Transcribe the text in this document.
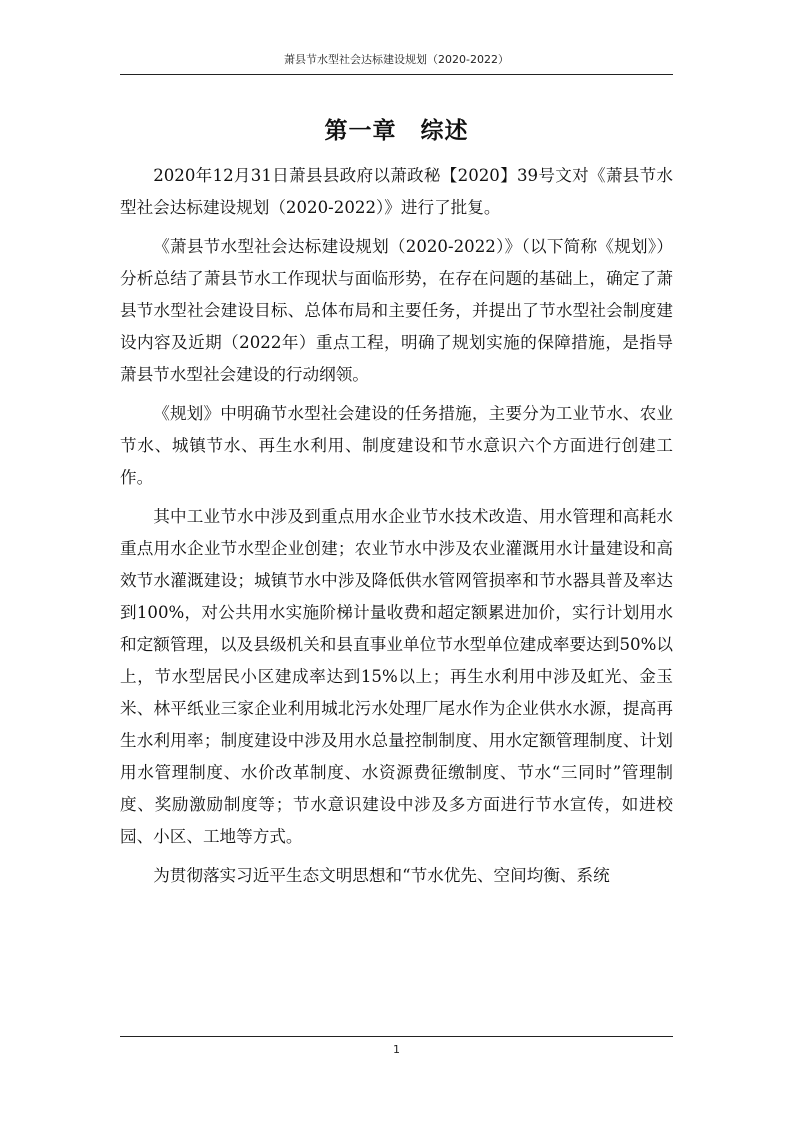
萧县节水型社会达标建设规划（2020-2022）
第一章　综述

2020年12月31日萧县县政府以萧政秘【2020】39号文对《萧县节水型社会达标建设规划（2020-2022）》进行了批复。

《萧县节水型社会达标建设规划（2020-2022）》（以下简称《规划》）分析总结了萧县节水工作现状与面临形势，在存在问题的基础上，确定了萧县节水型社会建设目标、总体布局和主要任务，并提出了节水型社会制度建设内容及近期（2022年）重点工程，明确了规划实施的保障措施，是指导萧县节水型社会建设的行动纲领。

《规划》中明确节水型社会建设的任务措施，主要分为工业节水、农业节水、城镇节水、再生水利用、制度建设和节水意识六个方面进行创建工作。

其中工业节水中涉及到重点用水企业节水技术改造、用水管理和高耗水重点用水企业节水型企业创建；农业节水中涉及农业灌溉用水计量建设和高效节水灌溉建设；城镇节水中涉及降低供水管网管损率和节水器具普及率达到100%，对公共用水实施阶梯计量收费和超定额累进加价，实行计划用水和定额管理，以及县级机关和县直事业单位节水型单位建成率要达到50%以上，节水型居民小区建成率达到15%以上；再生水利用中涉及虹光、金玉米、林平纸业三家企业利用城北污水处理厂尾水作为企业供水水源，提高再生水利用率；制度建设中涉及用水总量控制制度、用水定额管理制度、计划用水管理制度、水价改革制度、水资源费征缴制度、节水“三同时”管理制度、奖励激励制度等；节水意识建设中涉及多方面进行节水宣传，如进校园、小区、工地等方式。

为贯彻落实习近平生态文明思想和“节水优先、空间均衡、系统

1
